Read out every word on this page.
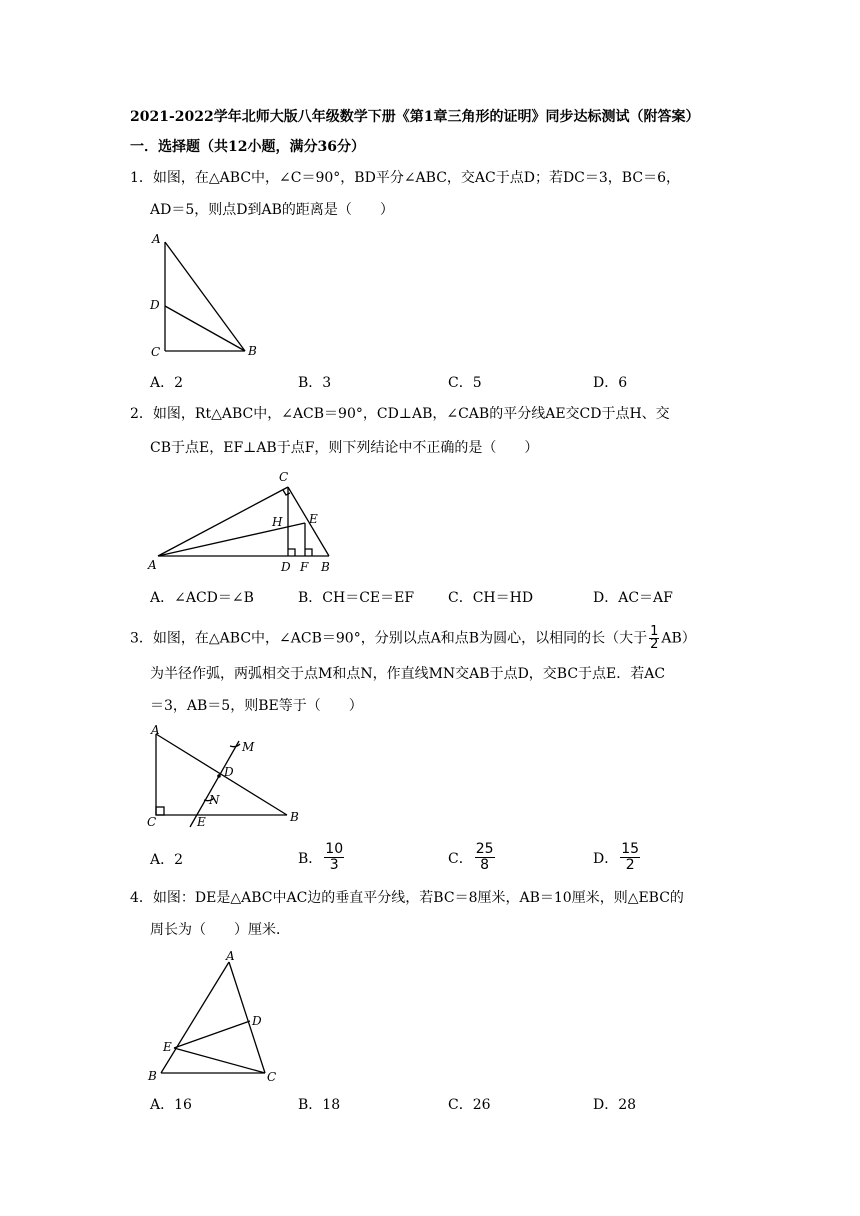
2021-2022学年北师大版八年级数学下册《第1章三角形的证明》同步达标测试（附答案）
一．选择题（共12小题，满分36分）
1．如图，在△ABC中，∠C＝90°，BD平分∠ABC，交AC于点D；若DC＝3，BC＝6，
AD＝5，则点D到AB的距离是（　　）
A
D
C	B
A．2	B．3	C．5	D．6
2．如图，Rt△ABC中，∠ACB＝90°，CD⊥AB，∠CAB的平分线AE交CD于点H、交
CB于点E，EF⊥AB于点F，则下列结论中不正确的是（　　）
C
H E
A	D F B
A．∠ACD＝∠B	B．CH＝CE＝EF C．CH＝HD	D．AC＝AF
3．如图，在△ABC中，∠ACB＝90°，分别以点A和点B为圆心，以相同的长（大于 $\frac{1}{2} AB$）
为半径作弧，两弧相交于点M和点N，作直线MN交AB于点D，交BC于点E．若AC
＝3，AB＝5，则BE等于（　　）
A
M
D
N
C	E	B
A．2	B． $\frac{10}{3}$	C． $\frac{25}{8}$	D． $\frac{15}{2}$
4．如图：DE是△ABC中AC边的垂直平分线，若BC＝8厘米，AB＝10厘米，则△EBC的
周长为（　　）厘米．
A
D
E
B	C
A．16	B．18	C．26	D．28
